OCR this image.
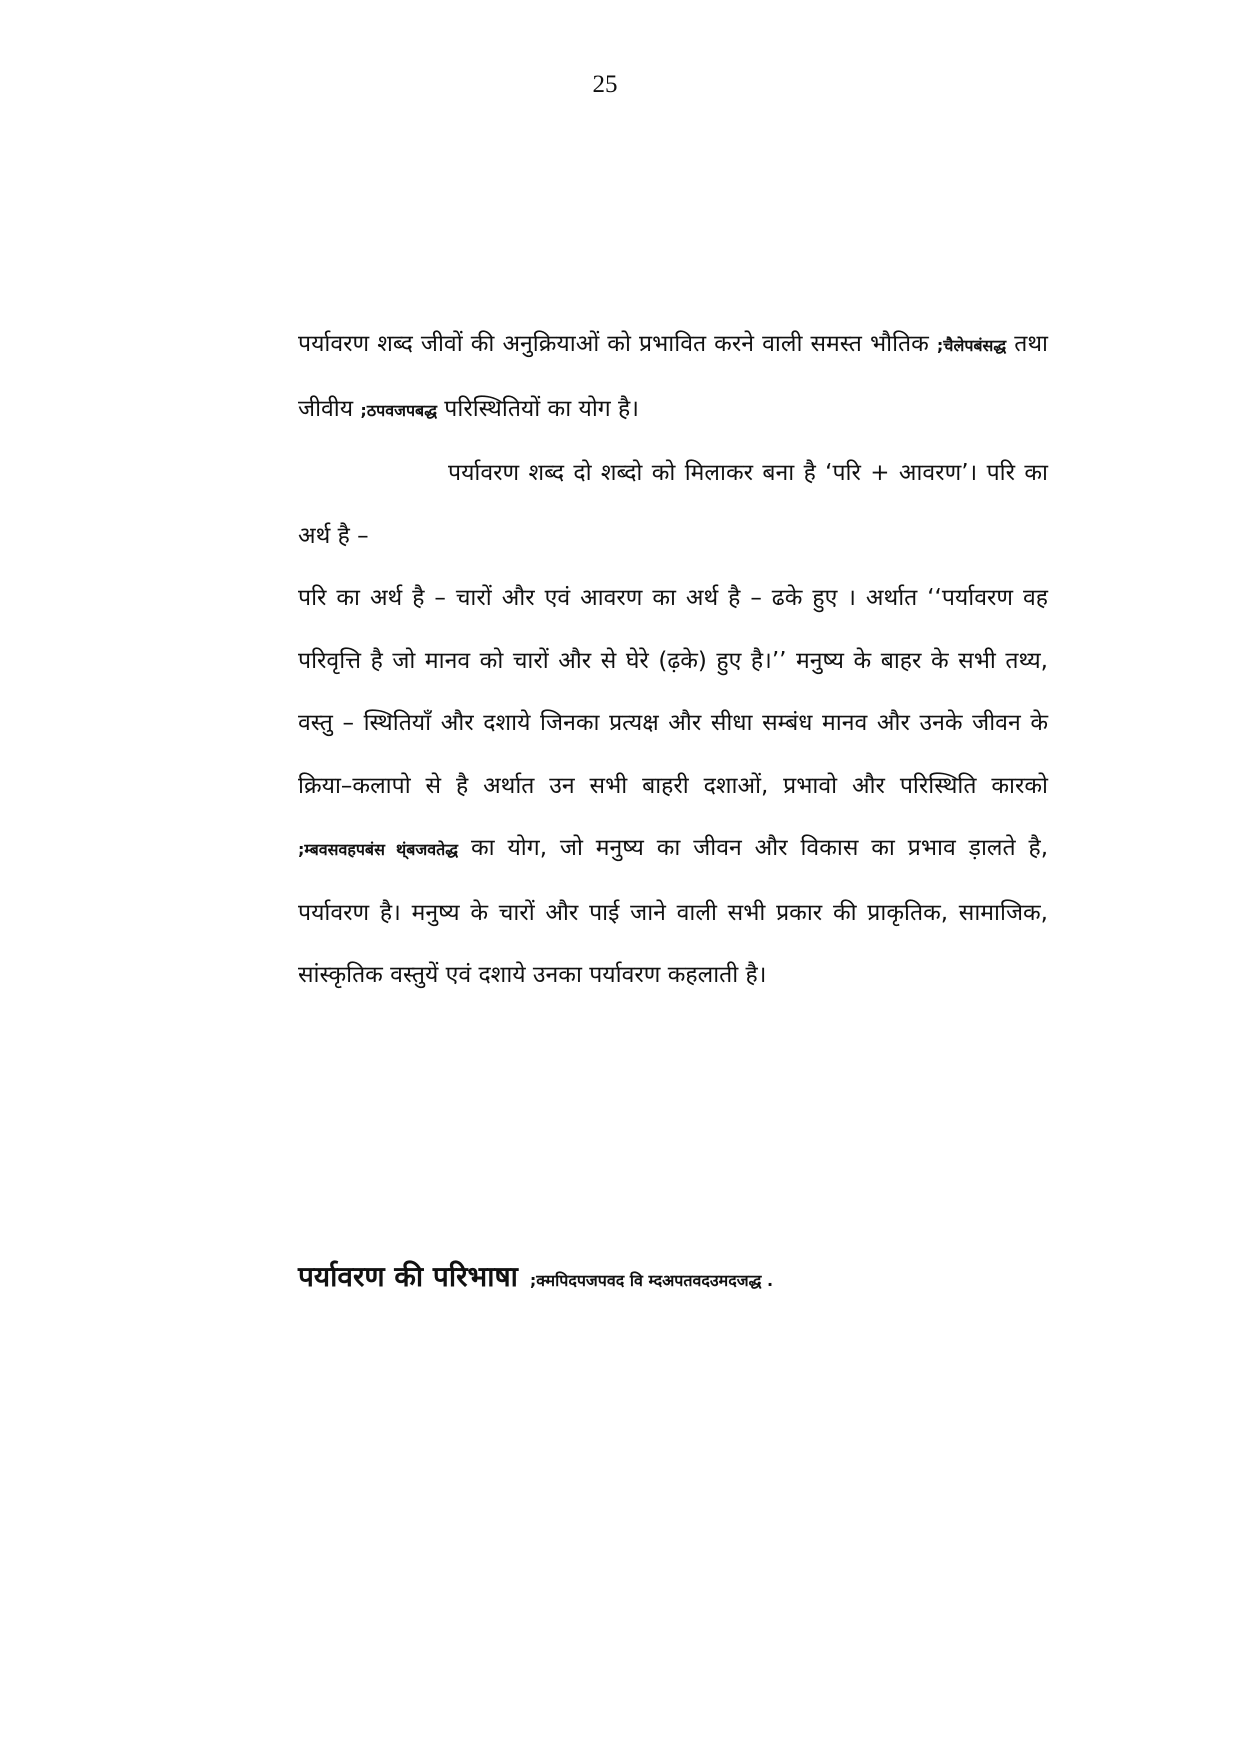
25

पर्यावरण शब्द जीवों की अनुक्रियाओं को प्रभावित करने वाली समस्त भौतिक ;चैलेपबंसद्ध तथा जीवीय ;ठपवजपबद्ध परिस्थितियों का योग है।

पर्यावरण शब्द दो शब्दो को मिलाकर बना है ‘परि + आवरण’। परि का अर्थ है –

परि का अर्थ है – चारों और एवं आवरण का अर्थ है – ढके हुए । अर्थात ‘‘पर्यावरण वह परिवृत्ति है जो मानव को चारों और से घेरे (ढ़के) हुए है।’’ मनुष्य के बाहर के सभी तथ्य, वस्तु – स्थितियाँ और दशाये जिनका प्रत्यक्ष और सीधा सम्बंध मानव और उनके जीवन के क्रिया–कलापो से है अर्थात उन सभी बाहरी दशाओं, प्रभावो और परिस्थिति कारको ;म्बवसवहपबंस थ्ंबजवतेद्ध का योग, जो मनुष्य का जीवन और विकास का प्रभाव ड़ालते है, पर्यावरण है। मनुष्य के चारों और पाई जाने वाली सभी प्रकार की प्राकृतिक, सामाजिक, सांस्कृतिक वस्तुयें एवं दशाये उनका पर्यावरण कहलाती है।

पर्यावरण की परिभाषा ;क्मपिदपजपवद वि म्दअपतवदउमदजद्ध .
